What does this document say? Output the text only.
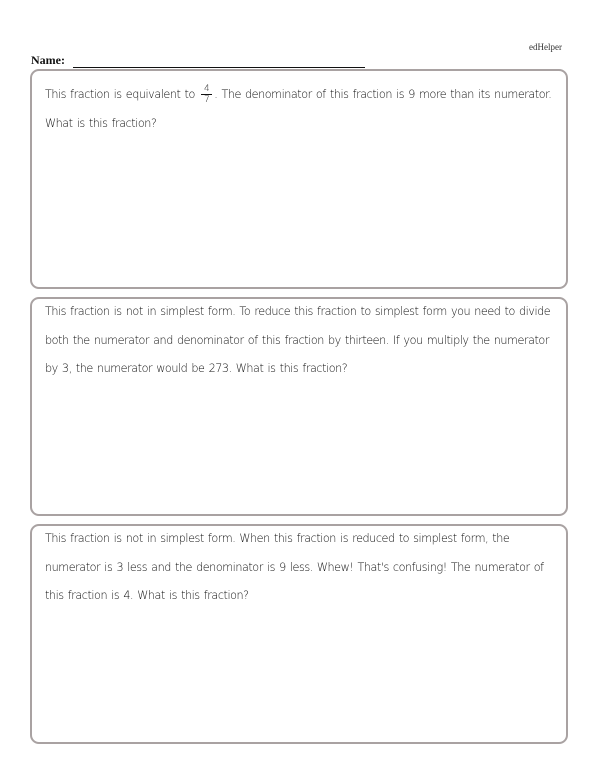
edHelper
Name:
This fraction is equivalent to $\frac{4}{7}$ . The denominator of this fraction is 9 more than its numerator. What is this fraction?
This fraction is not in simplest form. To reduce this fraction to simplest form you need to divide both the numerator and denominator of this fraction by thirteen. If you multiply the numerator by 3, the numerator would be 273. What is this fraction?
This fraction is not in simplest form. When this fraction is reduced to simplest form, the numerator is 3 less and the denominator is 9 less. Whew! That's confusing! The numerator of this fraction is 4. What is this fraction?
